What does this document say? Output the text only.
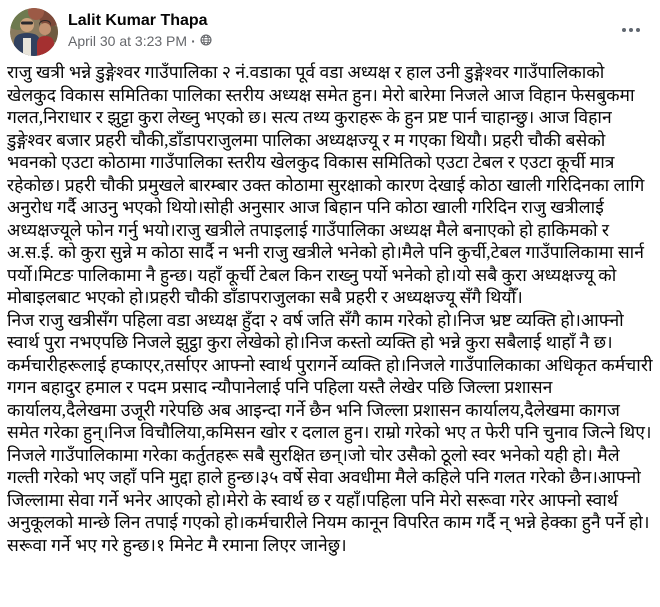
Lalit Kumar Thapa
April 30 at 3:23 PM ·

राजु खत्री भन्ने डुङ्गेश्वर गाउँपालिका २ नं.वडाका पूर्व वडा अध्यक्ष र हाल उनी डुङ्गेश्वर गाउँपालिकाको खेलकुद विकास समितिका पालिका स्तरीय अध्यक्ष समेत हुन। मेरो बारेमा निजले आज विहान फेसबुकमा गलत,निराधार र झुट्टा कुरा लेख्नु भएको छ। सत्य तथ्य कुराहरू के हुन प्रष्ट पार्न चाहान्छु। आज विहान डुङ्गेश्वर बजार प्रहरी चौकी,डाँडापराजुलमा पालिका अध्यक्षज्यू र म गएका थियौ। प्रहरी चौकी बसेको भवनको एउटा कोठामा गाउँपालिका स्तरीय खेलकुद विकास समितिको एउटा टेबल र एउटा कूर्ची मात्र रहेकोछ। प्रहरी चौकी प्रमुखले बारम्बार उक्त कोठामा सुरक्षाको कारण देखाई कोठा खाली गरिदिनका लागि अनुरोध गर्दै आउनु भएको थियो।सोही अनुसार आज बिहान पनि कोठा खाली गरिदिन राजु खत्रीलाई अध्यक्षज्यूले फोन गर्नु भयो।राजु खत्रीले तपाइलाई गाउँपालिका अध्यक्ष मैले बनाएको हो हाकिमको र अ.स.ई. को कुरा सुन्ने म कोठा सार्दै न भनी राजु खत्रीले भनेको हो।मैले पनि कुर्ची,टेबल गाउँपालिकामा सार्न पर्यो।मिटङ पालिकामा नै हुन्छ। यहाँ कूर्ची टेबल किन राख्नु पर्यो भनेको हो।यो सबै कुरा अध्यक्षज्यू को मोबाइलबाट भएको हो।प्रहरी चौकी डाँडापराजुलका सबै प्रहरी र अध्यक्षज्यू सँगै थियौँ।

निज राजु खत्रीसँग पहिला वडा अध्यक्ष हुँदा २ वर्ष जति सँगै काम गरेको हो।निज भ्रष्ट व्यक्ति हो।आफ्नो स्वार्थ पुरा नभएपछि निजले झुट्ठा कुरा लेखेको हो।निज कस्तो व्यक्ति हो भन्ने कुरा सबैलाई थाहाँ नै छ। कर्मचारीहरूलाई हप्काएर,तर्साएर आफ्नो स्वार्थ पुरागर्ने व्यक्ति हो।निजले गाउँपालिकाका अधिकृत कर्मचारी गगन बहादुर हमाल र पदम प्रसाद न्यौपानेलाई पनि पहिला यस्तै लेखेर पछि जिल्ला प्रशासन कार्यालय,दैलेखमा उजूरी गरेपछि अब आइन्दा गर्ने छैन भनि जिल्ला प्रशासन कार्यालय,दैलेखमा कागज समेत गरेका हुन्।निज विचौलिया,कमिसन खोर र दलाल हुन। राम्रो गरेको भए त फेरी पनि चुनाव जित्ने थिए।

निजले गाउँपालिकामा गरेका कर्तुतहरू सबै सुरक्षित छन्।जो चोर उसैको ठूलो स्वर भनेको यही हो। मैले गल्ती गरेको भए जहाँ पनि मुद्दा हाले हुन्छ।३५ वर्षे सेवा अवधीमा मैले कहिले पनि गलत गरेको छैन।आफ्नो जिल्लामा सेवा गर्ने भनेर आएको हो।मेरो के स्वार्थ छ र यहाँ।पहिला पनि मेरो सरूवा गरेर आफ्नो स्वार्थ अनुकूलको मान्छे लिन तपाई गएको हो।कर्मचारीले नियम कानून विपरित काम गर्दै न् भन्ने हेक्का हुनै पर्ने हो।सरूवा गर्ने भए गरे हुन्छ।१ मिनेट मै रमाना लिएर जानेछु।
